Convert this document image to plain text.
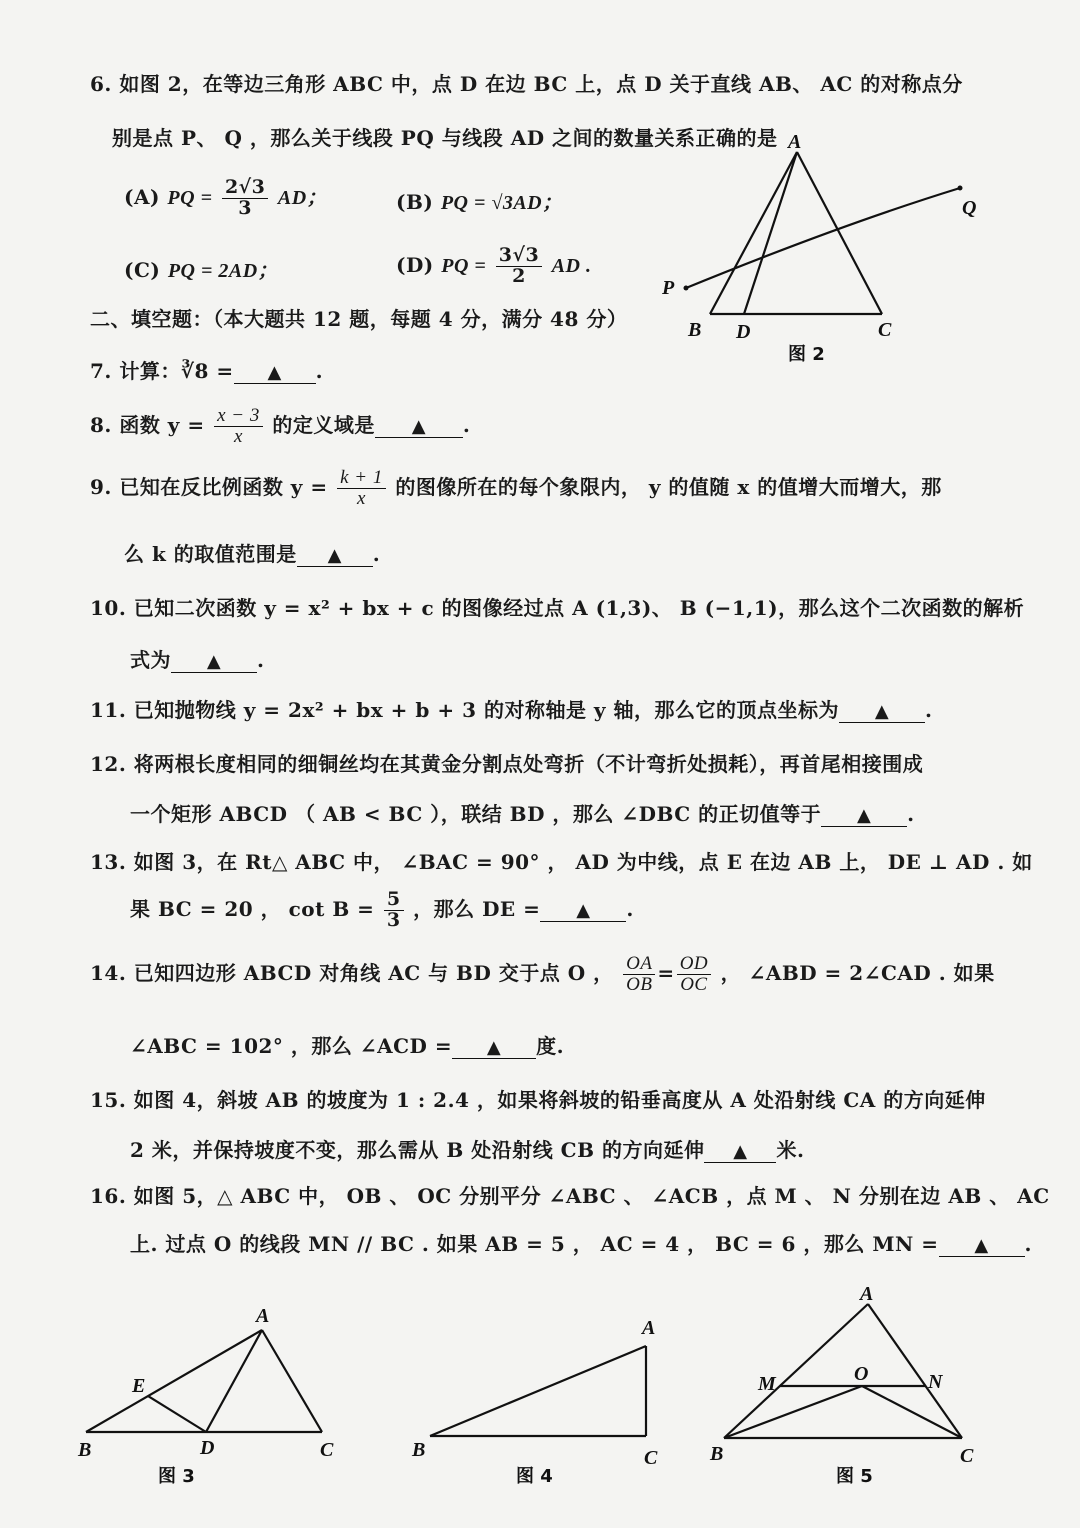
6. 如图 2，在等边三角形 ABC 中，点 D 在边 BC 上，点 D 关于直线 AB、 AC 的对称点分
别是点 P、 Q ，那么关于线段 PQ 与线段 AD 之间的数量关系正确的是
(A) PQ = $\frac{2√3}{3}$ AD；	(B) PQ = √3AD；
(C) PQ = 2AD；	(D) PQ = $\frac{3√3}{2}$ AD .
A
B D	C
P
Q
图 2
二、填空题：（本大题共 12 题，每题 4 分，满分 48 分）
7. 计算：∛8 = ▲ .
8. 函数 $y = \frac{x - 3}{x}$ 的定义域是 ▲ .
9. 已知在反比例函数 $y = \frac{k + 1}{x}$ 的图像所在的每个象限内， y 的值随 x 的值增大而增大，那
么 k 的取值范围是 ▲ .
10. 已知二次函数 y = x² + bx + c 的图像经过点 A (1,3)、 B (−1,1)，那么这个二次函数的解析
式为 ▲ .
11. 已知抛物线 y = 2x² + bx + b + 3 的对称轴是 y 轴，那么它的顶点坐标为 ▲ .
12. 将两根长度相同的细铜丝均在其黄金分割点处弯折（不计弯折处损耗），再首尾相接围成
一个矩形 ABCD （ AB < BC ），联结 BD ，那么 ∠DBC 的正切值等于 ▲ .
13. 如图 3，在 Rt△ ABC 中， ∠BAC = 90° ， AD 为中线，点 E 在边 AB 上， DE ⊥ AD . 如
果 BC = 20 ， $\cot B = \frac{5}{3}$ ，那么 DE = ▲ .
14. 已知四边形 ABCD 对角线 AC 与 BD 交于点 O ， $\frac{OA}{OB} = \frac{OD}{OC}$ ， ∠ABD = 2∠CAD . 如果
∠ABC = 102° ，那么 ∠ACD = ▲ 度.
15. 如图 4，斜坡 AB 的坡度为 1 : 2.4 ，如果将斜坡的铅垂高度从 A 处沿射线 CA 的方向延伸
2 米，并保持坡度不变，那么需从 B 处沿射线 CB 的方向延伸 ▲ 米.
16. 如图 5，△ ABC 中， OB 、 OC 分别平分 ∠ABC 、 ∠ACB ，点 M 、 N 分别在边 AB 、 AC
上. 过点 O 的线段 MN // BC . 如果 AB = 5 ， AC = 4 ， BC = 6 ，那么 MN = ▲ .
A
E
B	D	C
图 3
A
B	C
图 4
A
M	O	N
B	C
图 5
